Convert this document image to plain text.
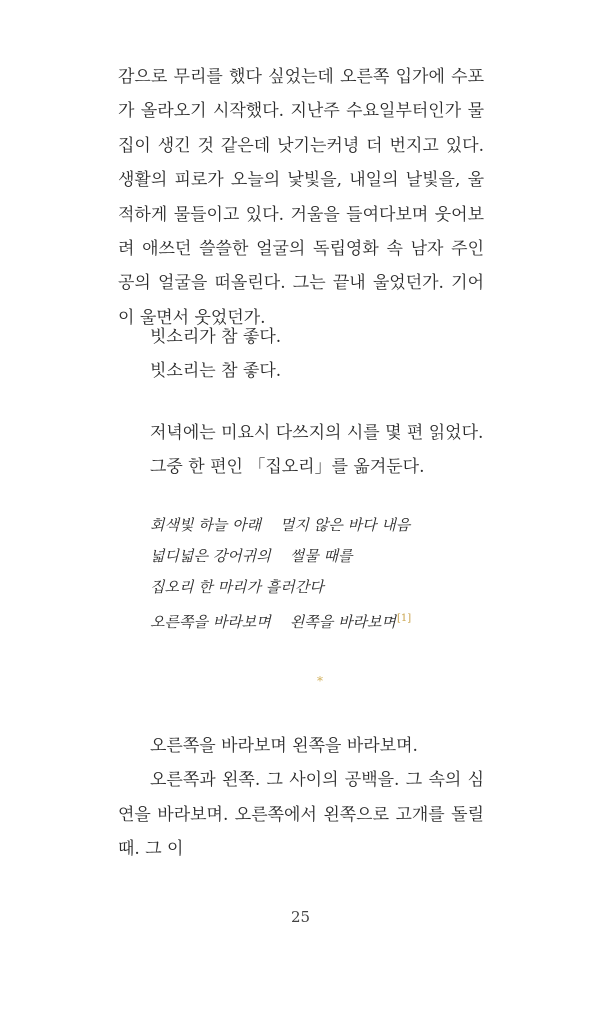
감으로 무리를 했다 싶었는데 오른쪽 입가에 수포가 올라오기 시작했다. 지난주 수요일부터인가 물집이 생긴 것 같은데 낫기는커녕 더 번지고 있다. 생활의 피로가 오늘의 낯빛을, 내일의 날빛을, 울적하게 물들이고 있다. 거울을 들여다보며 웃어보려 애쓰던 쓸쓸한 얼굴의 독립영화 속 남자 주인공의 얼굴을 떠올린다. 그는 끝내 울었던가. 기어이 울면서 웃었던가.

빗소리가 참 좋다.
빗소리는 참 좋다.
저녁에는 미요시 다쓰지의 시를 몇 편 읽었다.
그중 한 편인 「집오리」를 옮겨둔다.
회색빛 하늘 아래    멀지 않은 바다 내음
넓디넓은 강어귀의    썰물 때를
집오리 한 마리가 흘러간다
오른쪽을 바라보며    왼쪽을 바라보며[1]
*
오른쪽을 바라보며 왼쪽을 바라보며.
오른쪽과 왼쪽. 그 사이의 공백을. 그 속의 심연을 바라보며. 오른쪽에서 왼쪽으로 고개를 돌릴 때. 그 이
25
